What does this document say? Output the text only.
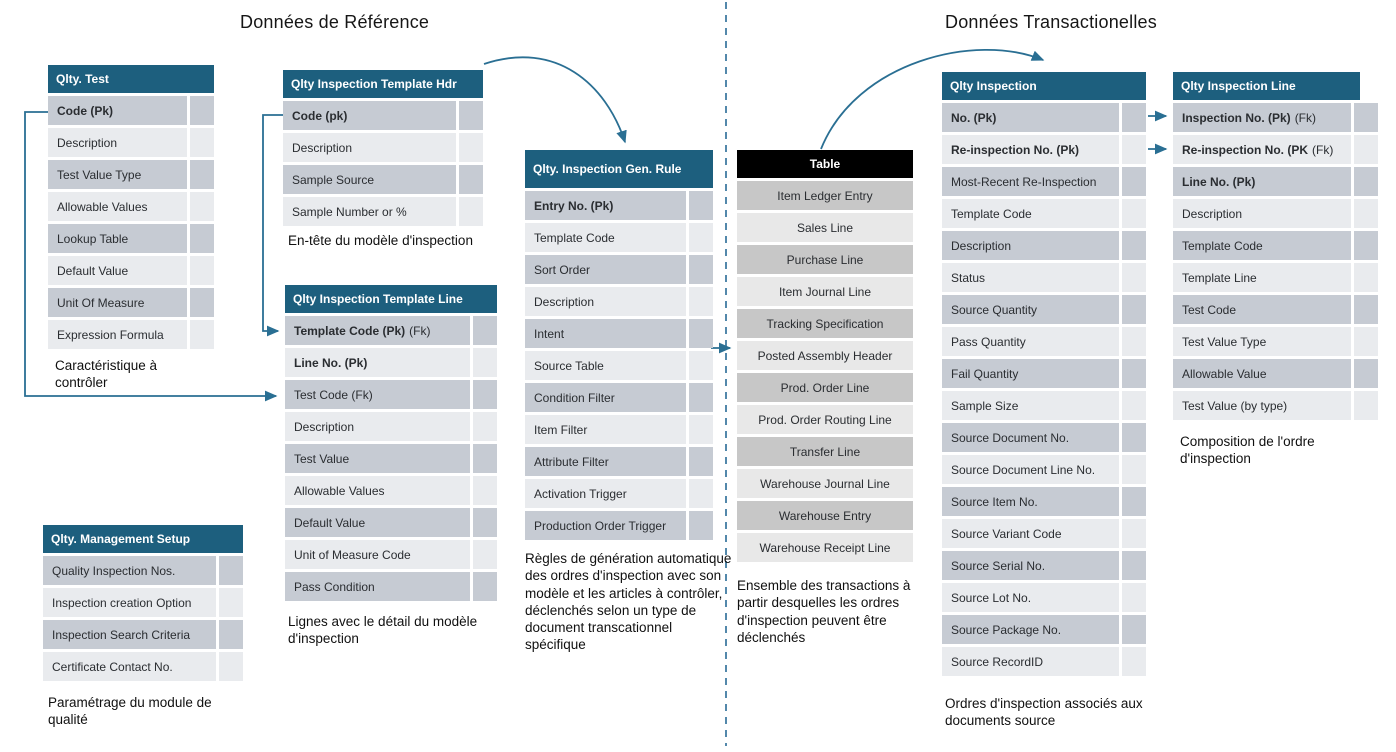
Données de Référence	Données Transactionelles
Qlty. Test
Code (Pk)
Description
Test Value Type
Allowable Values
Lookup Table
Default Value
Unit Of Measure
Expression Formula
Caractéristique à contrôler
Qlty Inspection Template Hdr
Code (pk)
Description
Sample Source
Sample Number or %
En-tête du modèle d'inspection
Qlty Inspection Template Line
Template Code (Pk) (Fk)
Line No. (Pk)
Test Code (Fk)
Description
Test Value
Allowable Values
Default Value
Unit of Measure Code
Pass Condition
Lignes avec le détail du modèle d'inspection
Qlty. Inspection Gen. Rule
Entry No. (Pk)
Template Code
Sort Order
Description
Intent
Source Table
Condition Filter
Item Filter
Attribute Filter
Activation Trigger
Production Order Trigger
Règles de génération automatique des ordres d'inspection avec son modèle et les articles à contrôler, déclenchés selon un type de document transcationnel spécifique
Table
Item Ledger Entry
Sales Line
Purchase Line
Item Journal Line
Tracking Specification
Posted Assembly Header
Prod. Order Line
Prod. Order Routing Line
Transfer Line
Warehouse Journal Line
Warehouse Entry
Warehouse Receipt Line
Ensemble des transactions à partir desquelles les ordres d'inspection peuvent être déclenchés
Qlty Inspection
No. (Pk)
Re-inspection No. (Pk)
Most-Recent Re-Inspection
Template Code
Description
Status
Source Quantity
Pass Quantity
Fail Quantity
Sample Size
Source Document No.
Source Document Line No.
Source Item No.
Source Variant Code
Source Serial No.
Source Lot No.
Source Package No.
Source RecordID
Ordres d'inspection associés aux documents source
Qlty Inspection Line
Inspection No. (Pk) (Fk)
Re-inspection No. (PK (Fk)
Line No. (Pk)
Description
Template Code
Template Line
Test Code
Test Value Type
Allowable Value
Test Value (by type)
Composition de l'ordre d'inspection
Qlty. Management Setup
Quality Inspection Nos.
Inspection creation Option
Inspection Search Criteria
Certificate Contact No.
Paramétrage du module de qualité
